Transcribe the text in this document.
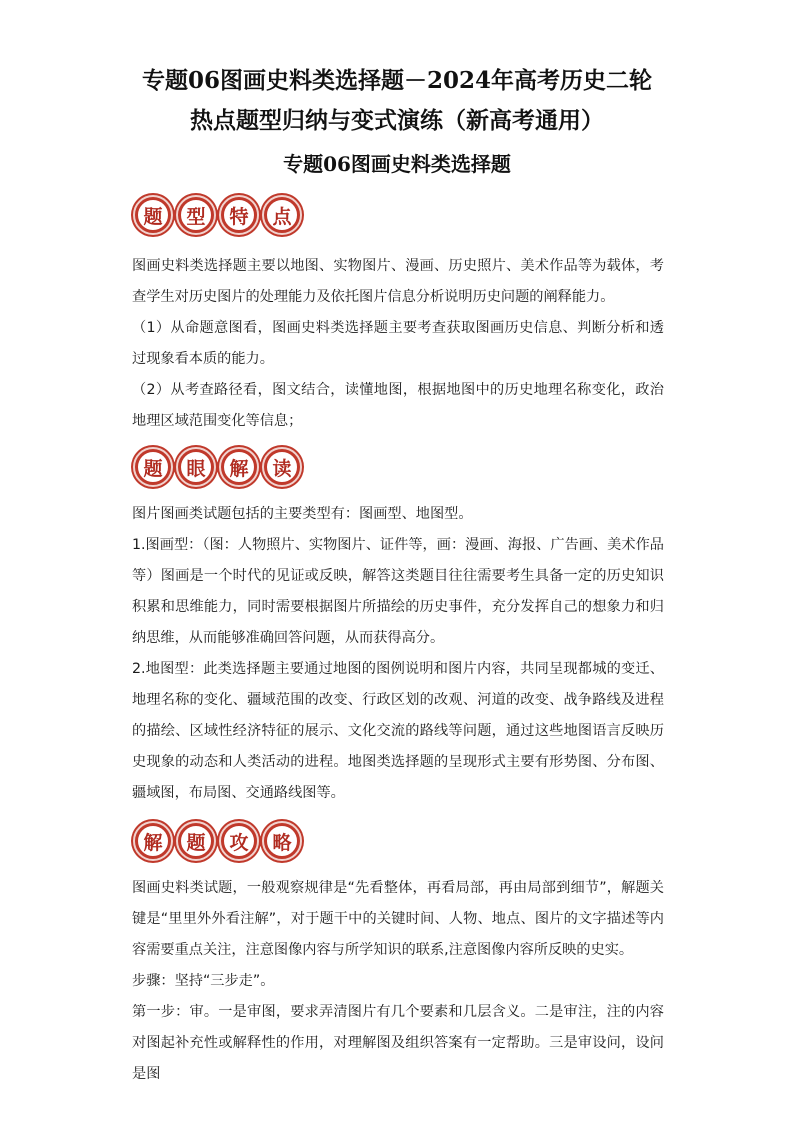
专题06图画史料类选择题－2024年高考历史二轮
热点题型归纳与变式演练（新高考通用）
专题06图画史料类选择题
题	型	特	点

图画史料类选择题主要以地图、实物图片、漫画、历史照片、美术作品等为载体，考查学生对历史图片的处理能力及依托图片信息分析说明历史问题的阐释能力。

（1）从命题意图看，图画史料类选择题主要考查获取图画历史信息、判断分析和透过现象看本质的能力。

（2）从考查路径看，图文结合，读懂地图，根据地图中的历史地理名称变化，政治地理区域范围变化等信息；

题	眼	解	读

图片图画类试题包括的主要类型有：图画型、地图型。

1.图画型：（图：人物照片、实物图片、证件等，画：漫画、海报、广告画、美术作品等）图画是一个时代的见证或反映，解答这类题目往往需要考生具备一定的历史知识积累和思维能力，同时需要根据图片所描绘的历史事件，充分发挥自己的想象力和归纳思维，从而能够准确回答问题，从而获得高分。

2.地图型：此类选择题主要通过地图的图例说明和图片内容，共同呈现都城的变迁、地理名称的变化、疆域范围的改变、行政区划的改观、河道的改变、战争路线及进程的描绘、区域性经济特征的展示、文化交流的路线等问题，通过这些地图语言反映历史现象的动态和人类活动的进程。地图类选择题的呈现形式主要有形势图、分布图、疆域图，布局图、交通路线图等。

解	题	攻	略

图画史料类试题，一般观察规律是“先看整体，再看局部，再由局部到细节”，解题关键是“里里外外看注解”，对于题干中的关键时间、人物、地点、图片的文字描述等内容需要重点关注，注意图像内容与所学知识的联系,注意图像内容所反映的史实。

步骤：坚持“三步走”。

第一步：审。一是审图，要求弄清图片有几个要素和几层含义。二是审注，注的内容对图起补充性或解释性的作用，对理解图及组织答案有一定帮助。三是审设问，设问是图
